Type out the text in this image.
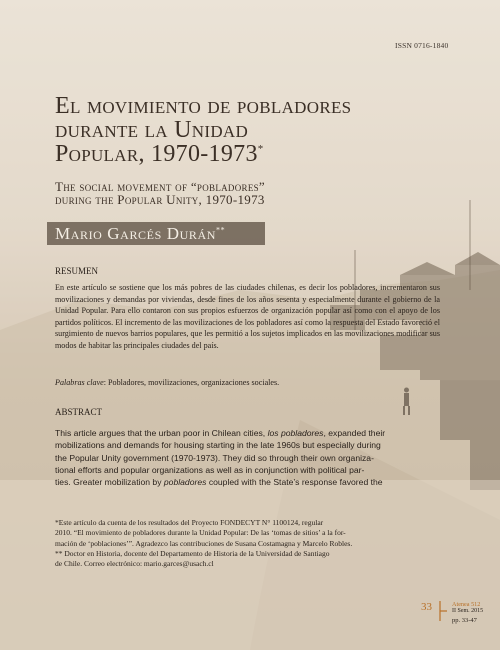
ISSN 0716-1840
El movimiento de pobladores
durante la Unidad
Popular, 1970-1973*
The social movement of “pobladores”
during the Popular Unity, 1970-1973
Mario Garcés Durán**
RESUMEN
En este artículo se sostiene que los más pobres de las ciudades chilenas, es decir los pobladores, incrementaron sus movilizaciones y demandas por viviendas, desde fines de los años sesenta y especialmente durante el gobierno de la Unidad Popular. Para ello contaron con sus propios esfuerzos de organización popular así como con el apoyo de los partidos políticos. El incremento de las movilizaciones de los pobladores así como la respuesta del Estado favoreció el surgimiento de nuevos barrios populares, que les permitió a los sujetos implicados en las movilizaciones modificar sus modos de habitar las principales ciudades del país.
Palabras clave: Pobladores, movilizaciones, organizaciones sociales.
ABSTRACT
This article argues that the urban poor in Chilean cities, los pobladores, expanded their
mobilizations and demands for housing starting in the late 1960s but especially during
the Popular Unity government (1970-1973). They did so through their own organiza-
tional efforts and popular organizations as well as in conjunction with political par-
ties. Greater mobilization by pobladores coupled with the State’s response favored the
*Este artículo da cuenta de los resultados del Proyecto FONDECYT N° 1100124, regular
2010. “El movimiento de pobladores durante la Unidad Popular: De las ‘tomas de sitios’ a la for-
mación de ‘poblaciones’”. Agradezco las contribuciones de Susana Costamagna y Marcelo Robles.
** Doctor en Historia, docente del Departamento de Historia de la Universidad de Santiago
de Chile. Correo electrónico: mario.garces@usach.cl
33	Atenea 512
II Sem. 2015
pp. 33-47
